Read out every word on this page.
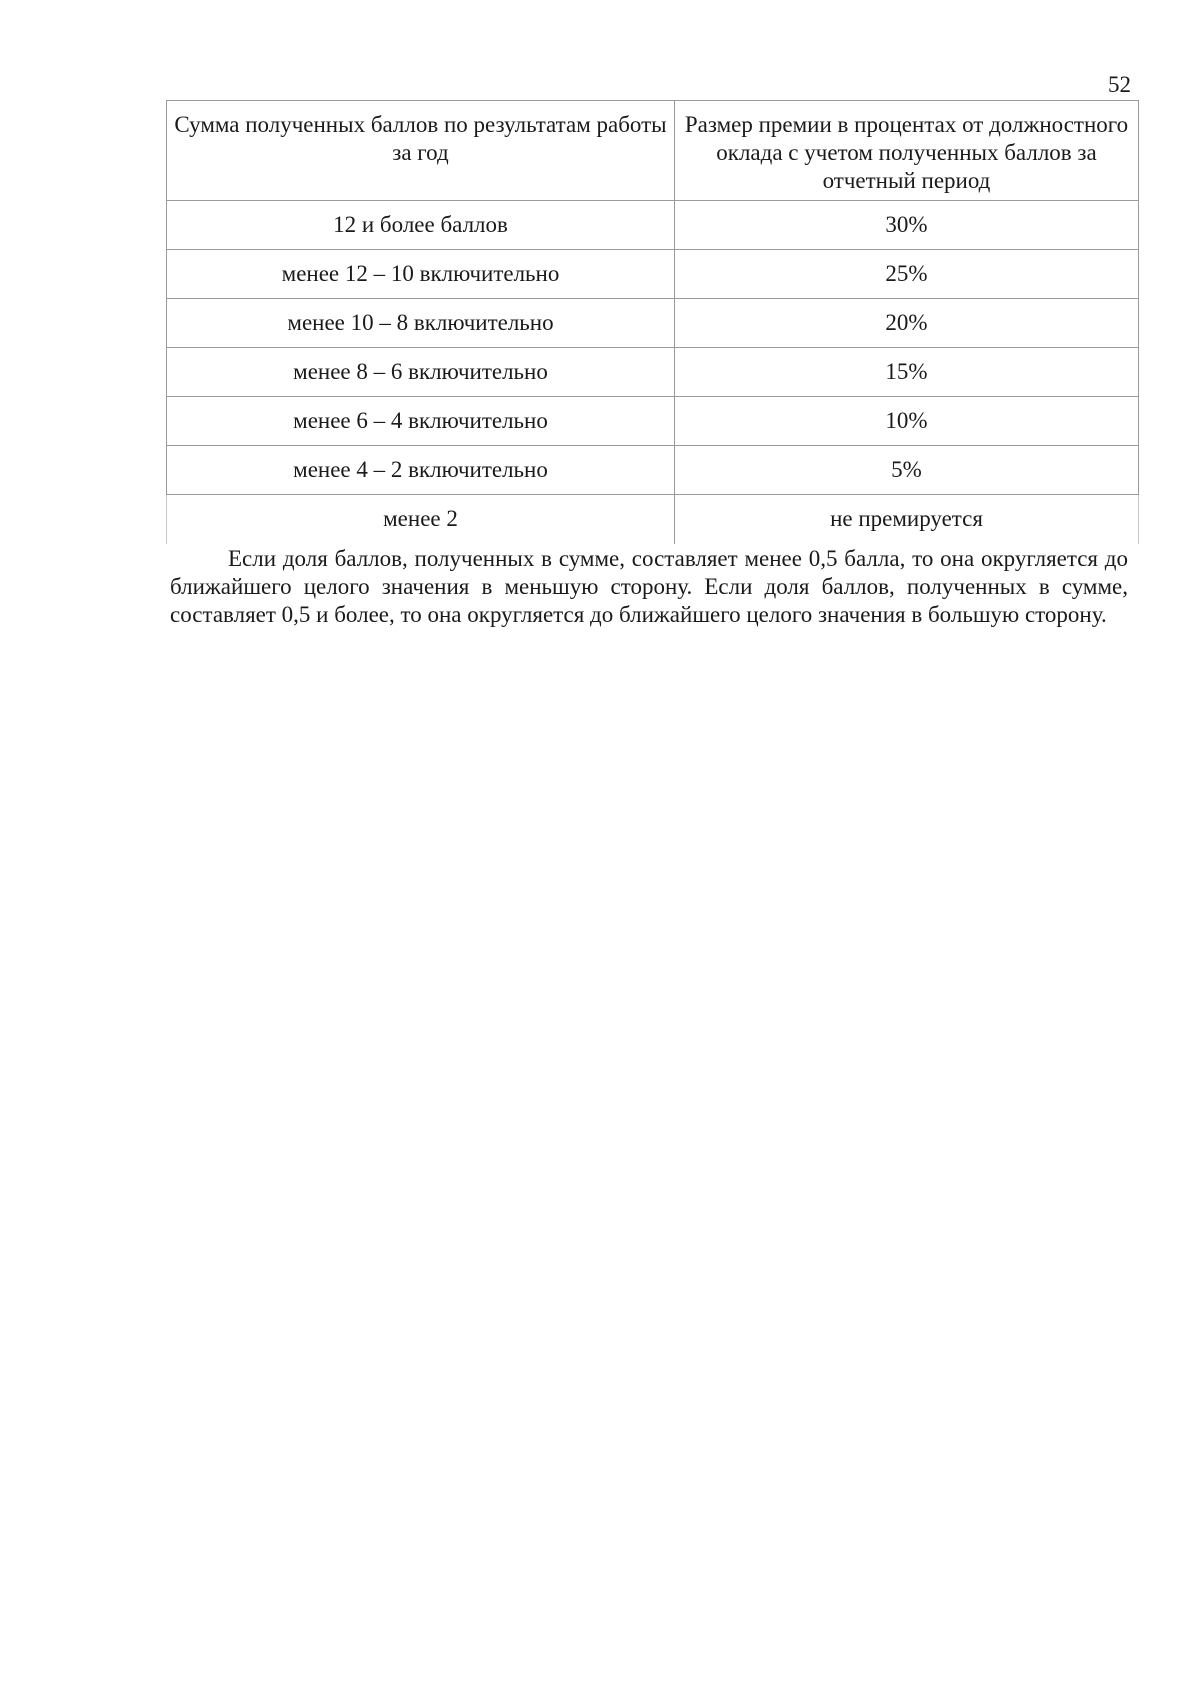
52
Сумма полученных баллов по результатам работы за год	Размер премии в процентах от должностного оклада с учетом полученных баллов за отчетный период
12 и более баллов	30%
менее 12 – 10 включительно	25%
менее 10 – 8 включительно	20%
менее 8 – 6 включительно	15%
менее 6 – 4 включительно	10%
менее 4 – 2 включительно	5%
менее 2	не премируется

Если доля баллов, полученных в сумме, составляет менее 0,5 балла, то она округляется до ближайшего целого значения в меньшую сторону. Если доля баллов, полученных в сумме, составляет 0,5 и более, то она округляется до ближайшего целого значения в большую сторону.
